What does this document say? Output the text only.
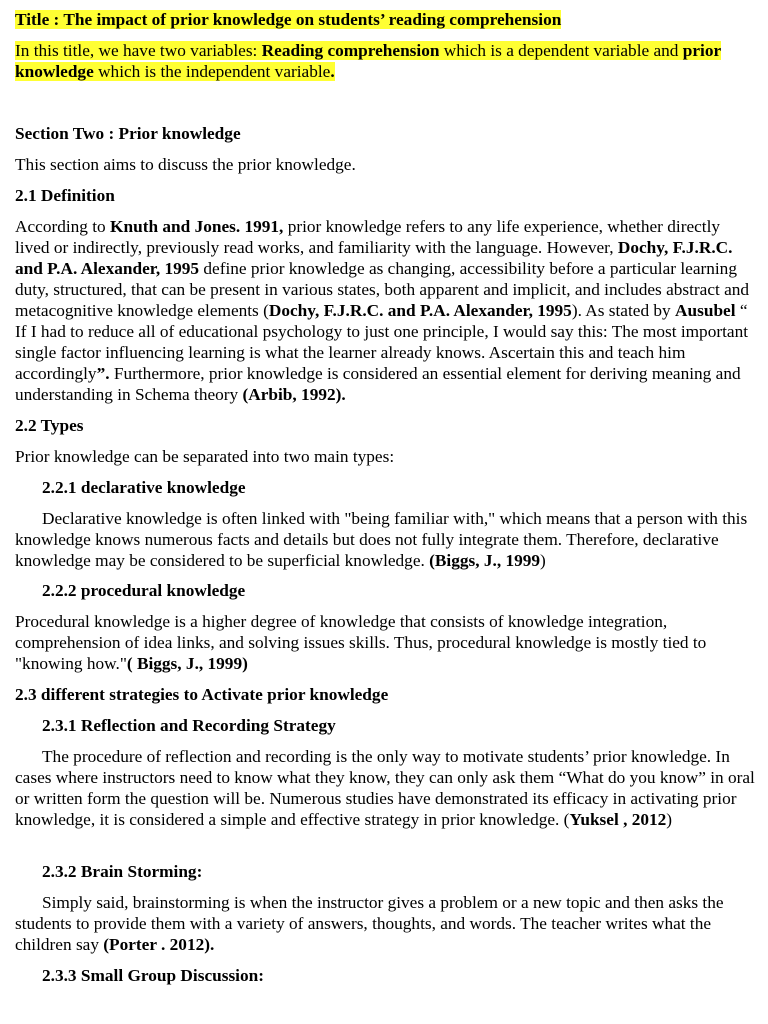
Title : The impact of prior knowledge on students’ reading comprehension

In this title, we have two variables: Reading comprehension which is a dependent variable and prior knowledge which is the independent variable.

Section Two : Prior knowledge

This section aims to discuss the prior knowledge.

2.1 Definition

According to Knuth and Jones. 1991, prior knowledge refers to any life experience, whether directly lived or indirectly, previously read works, and familiarity with the language. However, Dochy, F.J.R.C. and P.A. Alexander, 1995 define prior knowledge as changing, accessibility before a particular learning duty, structured, that can be present in various states, both apparent and implicit, and includes abstract and metacognitive knowledge elements (Dochy, F.J.R.C. and P.A. Alexander, 1995). As stated by Ausubel “ If I had to reduce all of educational psychology to just one principle, I would say this: The most important single factor influencing learning is what the learner already knows. Ascertain this and teach him accordingly”. Furthermore, prior knowledge is considered an essential element for deriving meaning and understanding in Schema theory (Arbib, 1992).

2.2 Types

Prior knowledge can be separated into two main types:

2.2.1 declarative knowledge

Declarative knowledge is often linked with "being familiar with," which means that a person with this knowledge knows numerous facts and details but does not fully integrate them. Therefore, declarative knowledge may be considered to be superficial knowledge. (Biggs, J., 1999)

2.2.2 procedural knowledge

Procedural knowledge is a higher degree of knowledge that consists of knowledge integration, comprehension of idea links, and solving issues skills. Thus, procedural knowledge is mostly tied to "knowing how."( Biggs, J., 1999)

2.3 different strategies to Activate prior knowledge

2.3.1 Reflection and Recording Strategy

The procedure of reflection and recording is the only way to motivate students’ prior knowledge. In cases where instructors need to know what they know, they can only ask them “What do you know” in oral or written form the question will be. Numerous studies have demonstrated its efficacy in activating prior knowledge, it is considered a simple and effective strategy in prior knowledge. (Yuksel , 2012)

2.3.2 Brain Storming:

Simply said, brainstorming is when the instructor gives a problem or a new topic and then asks the students to provide them with a variety of answers, thoughts, and words. The teacher writes what the children say (Porter . 2012).

2.3.3 Small Group Discussion:
